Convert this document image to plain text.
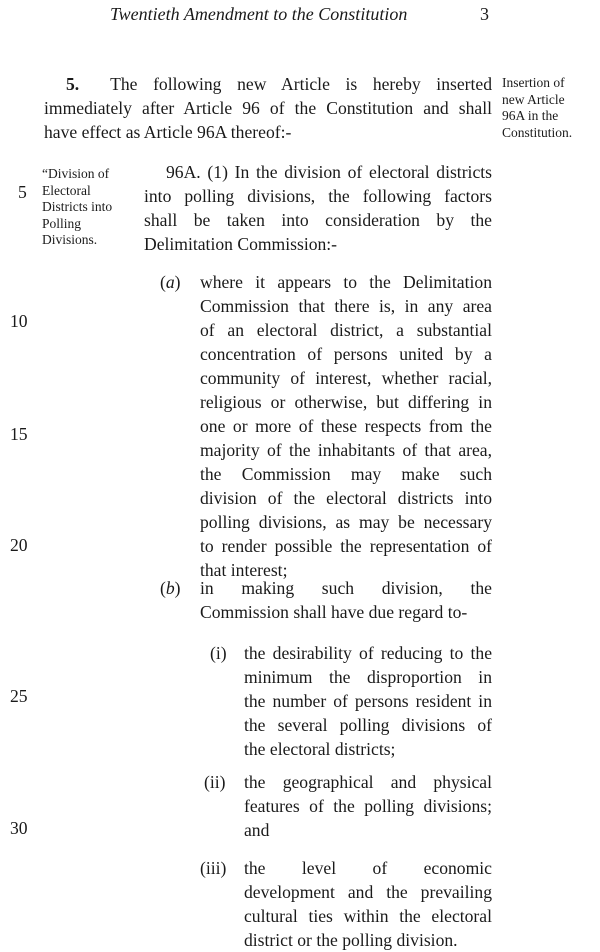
Twentieth Amendment to the Constitution	3
5. The following new Article is hereby inserted
immediately after Article 96 of the Constitution and shall
have effect as Article 96A thereof:-
Insertion of
new Article
96A in the
Constitution.
“Division of
Electoral
Districts into
Polling
Divisions.
96A. (1) In the division of electoral districts
into polling divisions, the following factors
shall be taken into consideration by the
Delimitation Commission:-
(a) where it appears to the Delimitation
Commission that there is, in any area
of an electoral district, a substantial
concentration of persons united by a
community of interest, whether racial,
religious or otherwise, but differing in
one or more of these respects from the
majority of the inhabitants of that area,
the Commission may make such
division of the electoral districts into
polling divisions, as may be necessary
to render possible the representation of
that interest;
(b) in making such division, the
Commission shall have due regard to-
(i) the desirability of reducing to the
minimum the disproportion in
the number of persons resident in
the several polling divisions of
the electoral districts;
(ii) the geographical and physical
features of the polling divisions;
and
(iii) the level of economic
development and the prevailing
cultural ties within the electoral
district or the polling division.
5
10
15
20
25
30
